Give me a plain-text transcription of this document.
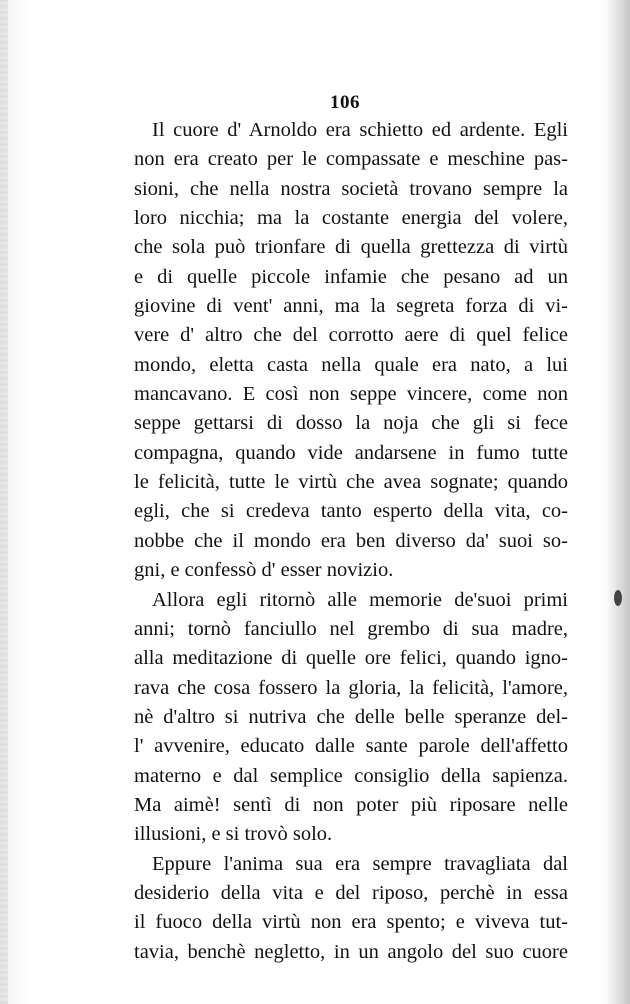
106
Il cuore d' Arnoldo era schietto ed ardente. Egli
non era creato per le compassate e meschine pas-
sioni, che nella nostra società trovano sempre la
loro nicchia; ma la costante energia del volere,
che sola può trionfare di quella grettezza di virtù
e di quelle piccole infamie che pesano ad un
giovine di vent' anni, ma la segreta forza di vi-
vere d' altro che del corrotto aere di quel felice
mondo, eletta casta nella quale era nato, a lui
mancavano. E così non seppe vincere, come non
seppe gettarsi di dosso la noja che gli si fece
compagna, quando vide andarsene in fumo tutte
le felicità, tutte le virtù che avea sognate; quando
egli, che si credeva tanto esperto della vita, co-
nobbe che il mondo era ben diverso da' suoi so-
gni, e confessò d' esser novizio.
Allora egli ritornò alle memorie de'suoi primi
anni; tornò fanciullo nel grembo di sua madre,
alla meditazione di quelle ore felici, quando igno-
rava che cosa fossero la gloria, la felicità, l'amore,
nè d'altro si nutriva che delle belle speranze del-
l' avvenire, educato dalle sante parole dell'affetto
materno e dal semplice consiglio della sapienza.
Ma aimè! sentì di non poter più riposare nelle
illusioni, e si trovò solo.
Eppure l'anima sua era sempre travagliata dal
desiderio della vita e del riposo, perchè in essa
il fuoco della virtù non era spento; e viveva tut-
tavia, benchè negletto, in un angolo del suo cuore
